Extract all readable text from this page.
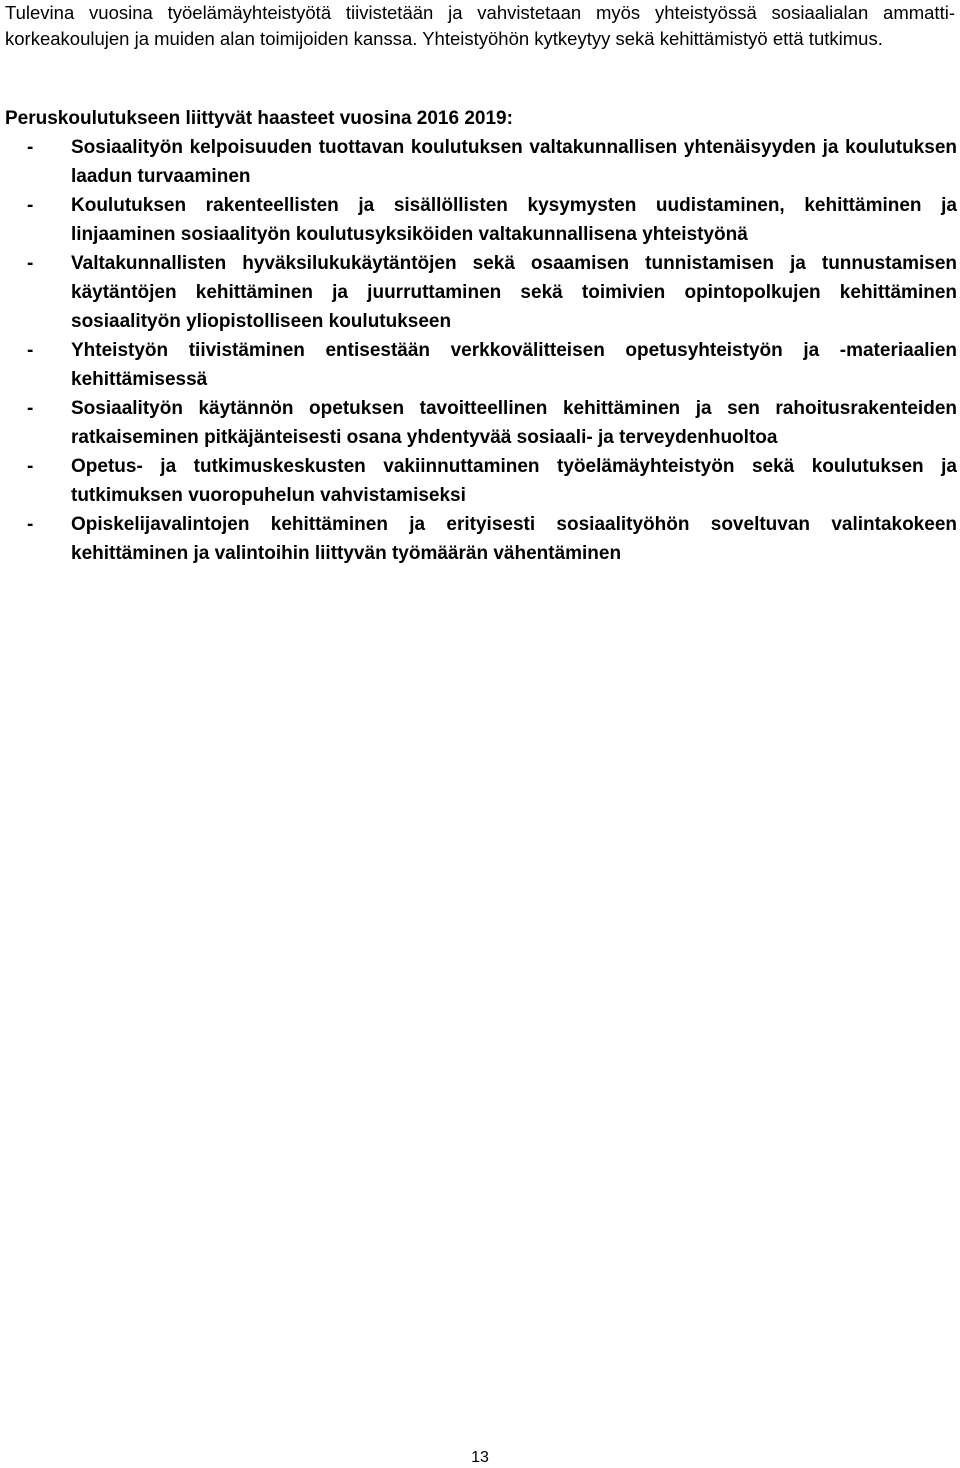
Tulevina vuosina työelämäyhteistyötä tiivistetään ja vahvistetaan myös yhteistyössä sosiaalialan ammattikorkeakoulujen ja muiden alan toimijoiden kanssa. Yhteistyöhön kytkeytyy sekä kehittämistyö että tutkimus.

Peruskoulutukseen liittyvät haasteet vuosina 2016 2019:
- Sosiaalityön kelpoisuuden tuottavan koulutuksen valtakunnallisen yhtenäisyyden ja koulutuksen laadun turvaaminen
- Koulutuksen rakenteellisten ja sisällöllisten kysymysten uudistaminen, kehittäminen ja linjaaminen sosiaalityön koulutusyksiköiden valtakunnallisena yhteistyönä
- Valtakunnallisten hyväksilukukäytäntöjen sekä osaamisen tunnistamisen ja tunnustamisen käytäntöjen kehittäminen ja juurruttaminen sekä toimivien opintopolkujen kehittäminen sosiaalityön yliopistolliseen koulutukseen
- Yhteistyön tiivistäminen entisestään verkkovälitteisen opetusyhteistyön ja -materiaalien kehittämisessä
- Sosiaalityön käytännön opetuksen tavoitteellinen kehittäminen ja sen rahoitusrakenteiden ratkaiseminen pitkäjänteisesti osana yhdentyvää sosiaali- ja terveydenhuoltoa
- Opetus- ja tutkimuskeskusten vakiinnuttaminen työelämäyhteistyön sekä koulutuksen ja tutkimuksen vuoropuhelun vahvistamiseksi
- Opiskelijavalintojen kehittäminen ja erityisesti sosiaalityöhön soveltuvan valintakokeen kehittäminen ja valintoihin liittyvän työmäärän vähentäminen
13
